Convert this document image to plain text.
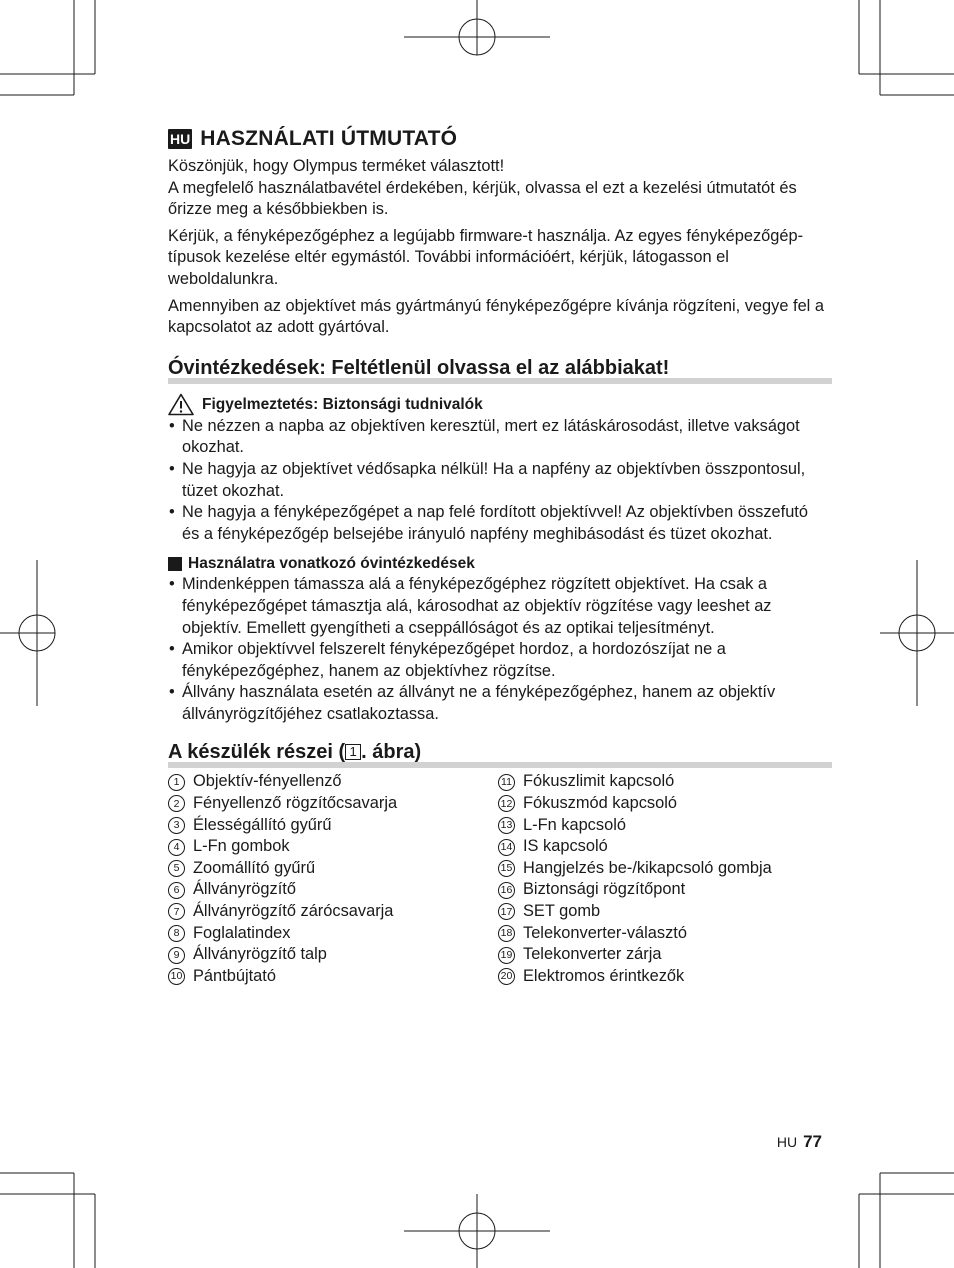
HU HASZNÁLATI ÚTMUTATÓ

Köszönjük, hogy Olympus terméket választott!

A megfelelő használatbavétel érdekében, kérjük, olvassa el ezt a kezelési útmutatót és őrizze meg a későbbiekben is.

Kérjük, a fényképezőgéphez a legújabb firmware-t használja. Az egyes fényképezőgép-típusok kezelése eltér egymástól. További információért, kérjük, látogasson el weboldalunkra.

Amennyiben az objektívet más gyártmányú fényképezőgépre kívánja rögzíteni, vegye fel a kapcsolatot az adott gyártóval.

Óvintézkedések: Feltétlenül olvassa el az alábbiakat!
Figyelmeztetés: Biztonsági tudnivalók
• Ne nézzen a napba az objektíven keresztül, mert ez látáskárosodást, illetve vakságot okozhat.
• Ne hagyja az objektívet védősapka nélkül! Ha a napfény az objektívben összpontosul, tüzet okozhat.
• Ne hagyja a fényképezőgépet a nap felé fordított objektívvel! Az objektívben összefutó és a fényképezőgép belsejébe irányuló napfény meghibásodást és tüzet okozhat.
Használatra vonatkozó óvintézkedések
• Mindenképpen támassza alá a fényképezőgéphez rögzített objektívet. Ha csak a fényképezőgépet támasztja alá, károsodhat az objektív rögzítése vagy leeshet az objektív. Emellett gyengítheti a cseppállóságot és az optikai teljesítményt.
• Amikor objektívvel felszerelt fényképezőgépet hordoz, a hordozószíjat ne a fényképezőgéphez, hanem az objektívhez rögzítse.
• Állvány használata esetén az állványt ne a fényképezőgéphez, hanem az objektív állványrögzítőjéhez csatlakoztassa.
A készülék részei ( 1 . ábra)
1 Objektív-fényellenző
2 Fényellenző rögzítőcsavarja
3 Élességállító gyűrű
4 L-Fn gombok
5 Zoomállító gyűrű
6 Állványrögzítő
7 Állványrögzítő zárócsavarja
8 Foglalatindex
9 Állványrögzítő talp
10 Pántbújtató
11 Fókuszlimit kapcsoló
12 Fókuszmód kapcsoló
13 L-Fn kapcsoló
14 IS kapcsoló
15 Hangjelzés be-/kikapcsoló gombja
16 Biztonsági rögzítőpont
17 SET gomb
18 Telekonverter-választó
19 Telekonverter zárja
20 Elektromos érintkezők
HU 77
